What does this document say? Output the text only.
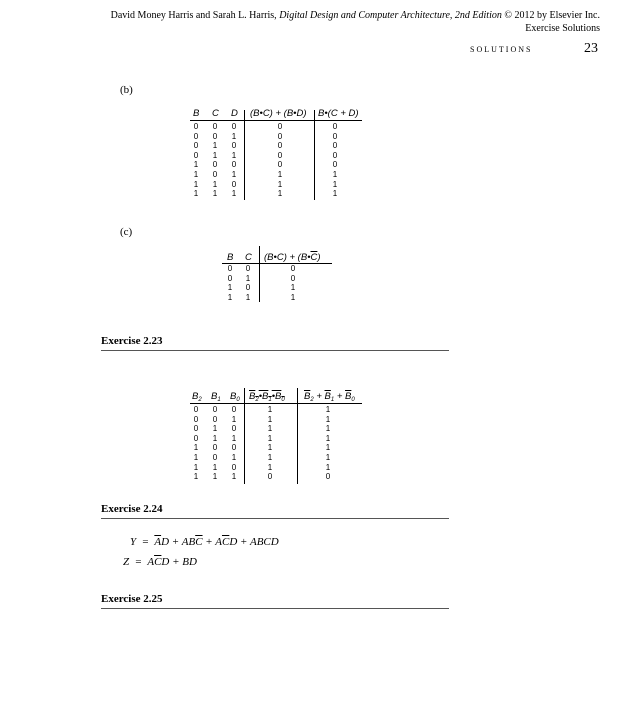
David Money Harris and Sarah L. Harris, Digital Design and Computer Architecture, 2nd Edition © 2012 by Elsevier Inc.
Exercise Solutions
SOLUTIONS	23
(b)
B C D (B•C) + (B•D) B•(C + D)
0
0
0
0
1
1
1
1
0
0
1
1
0
0
1
1
0
1
0
1
0
1
0
1
0
0
0
0
0
1
1
1
0
0
0
0
0
1
1
1
(c)
B C (B•C) + $(B•\overline{C})$
0
0
1
1
0
1
0
1
0
0
1
1
Exercise 2.23
$B_2$ $B_1$ $B_0$ $B_2•B_1•B_0$ $\overline{B}_2 + \overline{B}_1 + \overline{B}_0$
0
0
0
0
1
1
1
1
0
0
1
1
0
0
1
1
0
1
0
1
0
1
0
1
1
1
1
1
1
1
1
0
1
1
1
1
1
1
1
0
Exercise 2.24
$Y = \overline{A}D + AB\overline{C} + A\overline{C}D$ + ABCD
$Z = A\overline{C}D$ + BD
Exercise 2.25
